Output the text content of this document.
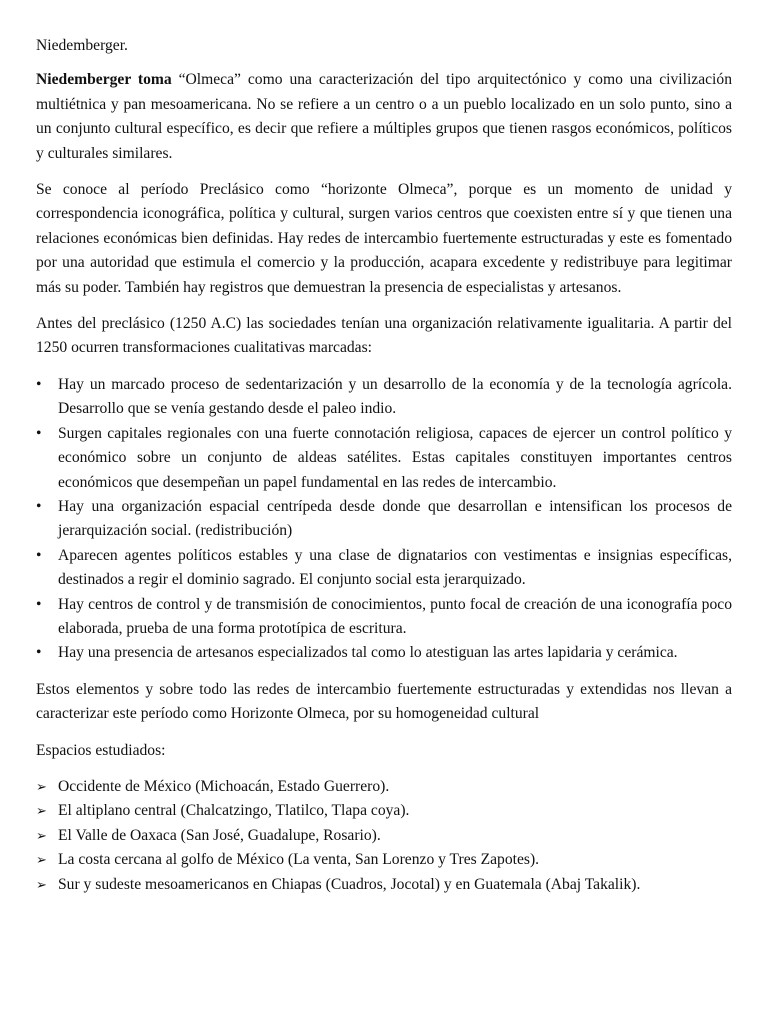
Niedemberger.

Niedemberger toma “Olmeca” como una caracterización del tipo arquitectónico y como una civilización multiétnica y pan mesoamericana. No se refiere a un centro o a un pueblo localizado en un solo punto, sino a un conjunto cultural específico, es decir que refiere a múltiples grupos que tienen rasgos económicos, políticos y culturales similares.

Se conoce al período Preclásico como “horizonte Olmeca”, porque es un momento de unidad y correspondencia iconográfica, política y cultural, surgen varios centros que coexisten entre sí y que tienen una relaciones económicas bien definidas. Hay redes de intercambio fuertemente estructuradas y este es fomentado por una autoridad que estimula el comercio y la producción, acapara excedente y redistribuye para legitimar más su poder. También hay registros que demuestran la presencia de especialistas y artesanos.

Antes del preclásico (1250 A.C) las sociedades tenían una organización relativamente igualitaria. A partir del 1250 ocurren transformaciones cualitativas marcadas:

•	Hay un marcado proceso de sedentarización y un desarrollo de la economía y de la tecnología agrícola. Desarrollo que se venía gestando desde el paleo indio.
•	Surgen capitales regionales con una fuerte connotación religiosa, capaces de ejercer un control político y económico sobre un conjunto de aldeas satélites. Estas capitales constituyen importantes centros económicos que desempeñan un papel fundamental en las redes de intercambio.
•	Hay una organización espacial centrípeda desde donde que desarrollan e intensifican los procesos de jerarquización social. (redistribución)
•	Aparecen agentes políticos estables y una clase de dignatarios con vestimentas e insignias específicas, destinados a regir el dominio sagrado. El conjunto social esta jerarquizado.
•	Hay centros de control y de transmisión de conocimientos, punto focal de creación de una iconografía poco elaborada, prueba de una forma prototípica de escritura.
•	Hay una presencia de artesanos especializados tal como lo atestiguan las artes lapidaria y cerámica.

Estos elementos y sobre todo las redes de intercambio fuertemente estructuradas y extendidas nos llevan a caracterizar este período como Horizonte Olmeca, por su homogeneidad cultural

Espacios estudiados:

➢ Occidente de México (Michoacán, Estado Guerrero).
➢ El altiplano central (Chalcatzingo, Tlatilco, Tlapa coya).
➢ El Valle de Oaxaca (San José, Guadalupe, Rosario).
➢ La costa cercana al golfo de México (La venta, San Lorenzo y Tres Zapotes).
➢ Sur y sudeste mesoamericanos en Chiapas (Cuadros, Jocotal) y en Guatemala (Abaj Takalik).
